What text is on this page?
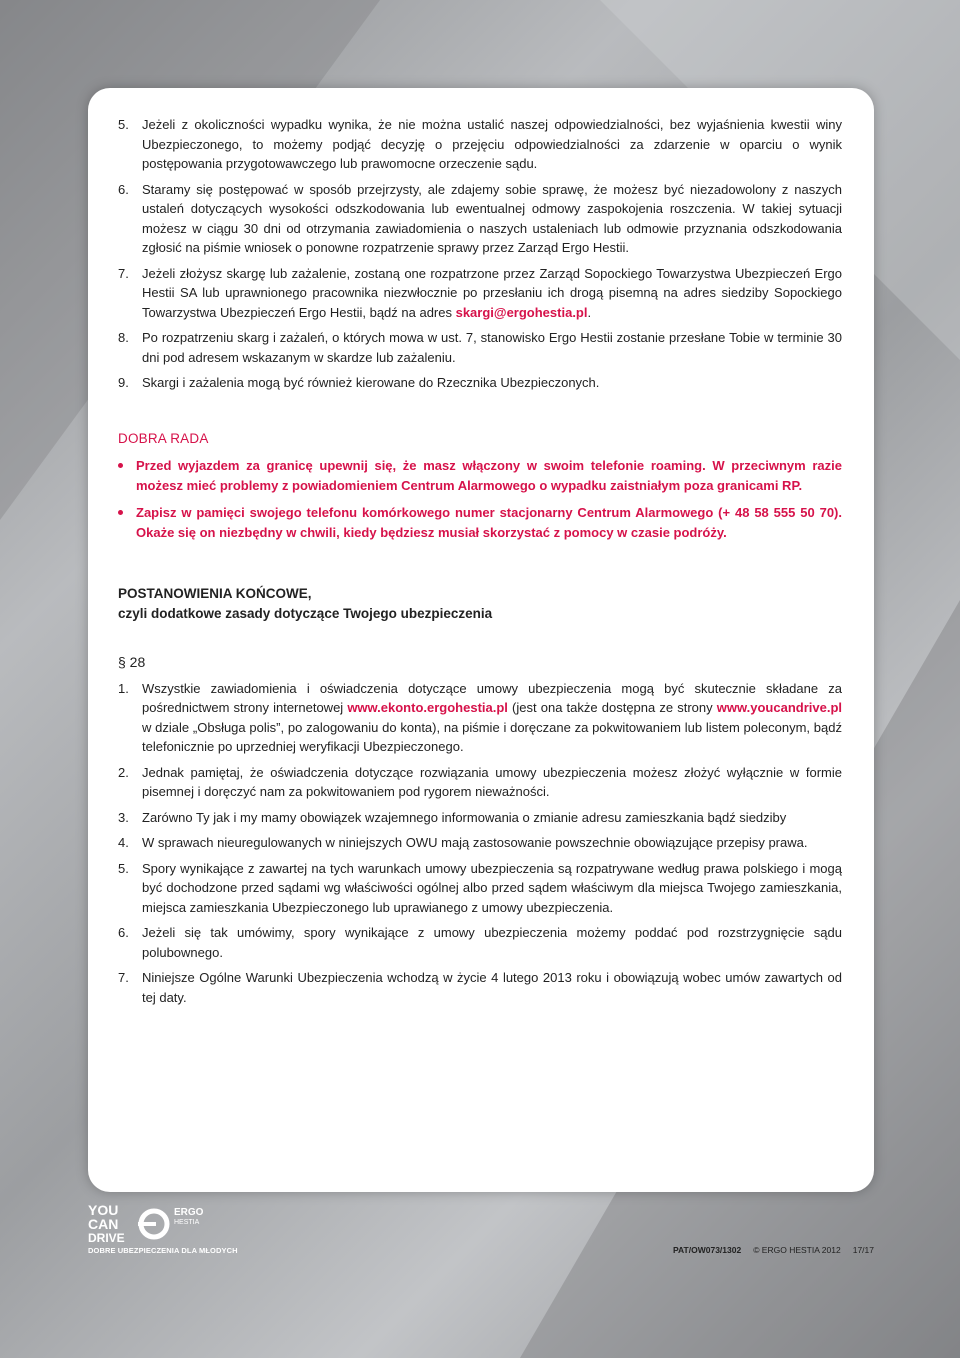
5. Jeżeli z okoliczności wypadku wynika, że nie można ustalić naszej odpowiedzialności, bez wyjaśnienia kwestii winy Ubezpieczonego, to możemy podjąć decyzję o przejęciu odpowiedzialności za zdarzenie w oparciu o wynik postępowania przygotowawczego lub prawomocne orzeczenie sądu.
6. Staramy się postępować w sposób przejrzysty, ale zdajemy sobie sprawę, że możesz być niezadowolony z naszych ustaleń dotyczących wysokości odszkodowania lub ewentualnej odmowy zaspokojenia roszczenia. W takiej sytuacji możesz w ciągu 30 dni od otrzymania zawiadomienia o naszych ustaleniach lub odmowie przyznania odszkodowania zgłosić na piśmie wniosek o ponowne rozpatrzenie sprawy przez Zarząd Ergo Hestii.
7. Jeżeli złożysz skargę lub zażalenie, zostaną one rozpatrzone przez Zarząd Sopockiego Towarzystwa Ubezpieczeń Ergo Hestii SA lub uprawnionego pracownika niezwłocznie po przesłaniu ich drogą pisemną na adres siedziby Sopockiego Towarzystwa Ubezpieczeń Ergo Hestii, bądź na adres skargi@ergohestia.pl.
8. Po rozpatrzeniu skarg i zażaleń, o których mowa w ust. 7, stanowisko Ergo Hestii zostanie przesłane Tobie w terminie 30 dni pod adresem wskazanym w skardze lub zażaleniu.
9. Skargi i zażalenia mogą być również kierowane do Rzecznika Ubezpieczonych.
DOBRA RADA
Przed wyjazdem za granicę upewnij się, że masz włączony w swoim telefonie roaming. W przeciwnym razie możesz mieć problemy z powiadomieniem Centrum Alarmowego o wypadku zaistniałym poza granicami RP.
Zapisz w pamięci swojego telefonu komórkowego numer stacjonarny Centrum Alarmowego (+ 48 58 555 50 70). Okaże się on niezbędny w chwili, kiedy będziesz musiał skorzystać z pomocy w czasie podróży.
POSTANOWIENIA KOŃCOWE,
czyli dodatkowe zasady dotyczące Twojego ubezpieczenia
§ 28
1. Wszystkie zawiadomienia i oświadczenia dotyczące umowy ubezpieczenia mogą być skutecznie składane za pośrednictwem strony internetowej www.ekonto.ergohestia.pl (jest ona także dostępna ze strony www.youcandrive.pl w dziale „Obsługa polis”, po zalogowaniu do konta), na piśmie i doręczane za pokwitowaniem lub listem poleconym, bądź telefonicznie po uprzedniej weryfikacji Ubezpieczonego.
2. Jednak pamiętaj, że oświadczenia dotyczące rozwiązania umowy ubezpieczenia możesz złożyć wyłącznie w formie pisemnej i doręczyć nam za pokwitowaniem pod rygorem nieważności.
3. Zarówno Ty jak i my mamy obowiązek wzajemnego informowania o zmianie adresu zamieszkania bądź siedziby
4. W sprawach nieuregulowanych w niniejszych OWU mają zastosowanie powszechnie obowiązujące przepisy prawa.
5. Spory wynikające z zawartej na tych warunkach umowy ubezpieczenia są rozpatrywane według prawa polskiego i mogą być dochodzone przed sądami wg właściwości ogólnej albo przed sądem właściwym dla miejsca Twojego zamieszkania, miejsca zamieszkania Ubezpieczonego lub uprawianego z umowy ubezpieczenia.
6. Jeżeli się tak umówimy, spory wynikające z umowy ubezpieczenia możemy poddać pod rozstrzygnięcie sądu polubownego.
7. Niniejsze Ogólne Warunki Ubezpieczenia wchodzą w życie 4 lutego 2013 roku i obowiązują wobec umów zawartych od tej daty.
YOU
CAN
DRIVE
ERGO
HESTIA
DOBRE UBEZPIECZENIA DLA MŁODYCH	PAT/OW073/1302 © ERGO HESTIA 2012 17/17
